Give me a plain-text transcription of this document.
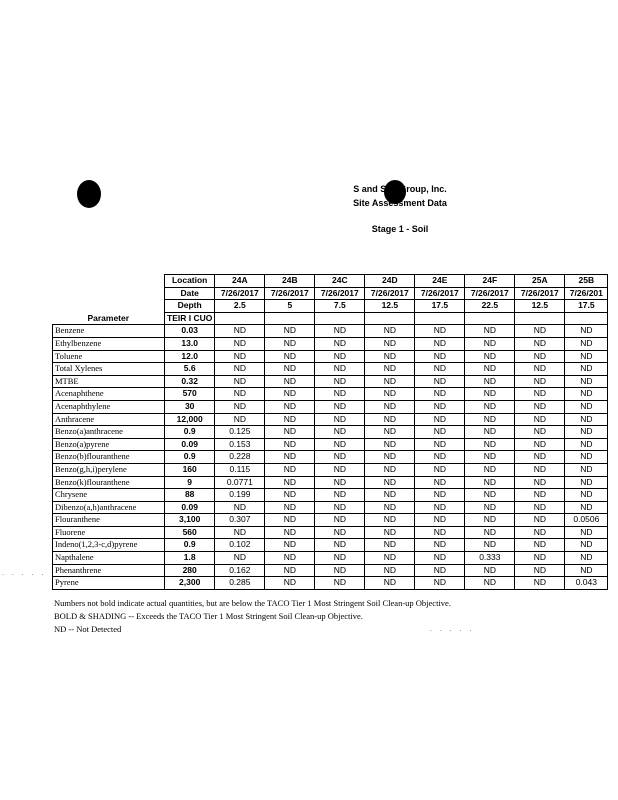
S and S In Group, Inc.
Site Assessment Data
Stage 1 - Soil
	Location	24A	24B	24C	24D	24E	24F	25A	25B
	Date	7/26/2017	7/26/2017	7/26/2017	7/26/2017	7/26/2017	7/26/2017	7/26/2017	7/26/201
	Depth	2.5	5	7.5	12.5	17.5	22.5	12.5	17.5
Parameter	TEIR I CUO								
Benzene	0.03	ND	ND	ND	ND	ND	ND	ND	ND
Ethylbenzene	13.0	ND	ND	ND	ND	ND	ND	ND	ND
Toluene	12.0	ND	ND	ND	ND	ND	ND	ND	ND
Total Xylenes	5.6	ND	ND	ND	ND	ND	ND	ND	ND
MTBE	0.32	ND	ND	ND	ND	ND	ND	ND	ND
Acenaphthene	570	ND	ND	ND	ND	ND	ND	ND	ND
Acenaphthylene	30	ND	ND	ND	ND	ND	ND	ND	ND
Anthracene	12,000	ND	ND	ND	ND	ND	ND	ND	ND
Benzo(a)anthracene	0.9	0.125	ND	ND	ND	ND	ND	ND	ND
Benzo(a)pyrene	0.09	0.153	ND	ND	ND	ND	ND	ND	ND
Benzo(b)flouranthene	0.9	0.228	ND	ND	ND	ND	ND	ND	ND
Benzo(g,h,i)perylene	160	0.115	ND	ND	ND	ND	ND	ND	ND
Benzo(k)flouranthene	9	0.0771	ND	ND	ND	ND	ND	ND	ND
Chrysene	88	0.199	ND	ND	ND	ND	ND	ND	ND
Dibenzo(a,h)anthracene	0.09	ND	ND	ND	ND	ND	ND	ND	ND
Flouranthene	3,100	0.307	ND	ND	ND	ND	ND	ND	0.0506
Fluorene	560	ND	ND	ND	ND	ND	ND	ND	ND
Indeno(1,2,3-c,d)pyrene	0.9	0.102	ND	ND	ND	ND	ND	ND	ND
Napthalene	1.8	ND	ND	ND	ND	ND	0.333	ND	ND
Phenanthrene	280	0.162	ND	ND	ND	ND	ND	ND	ND
Pyrene	2,300	0.285	ND	ND	ND	ND	ND	ND	0.043
Numbers not bold indicate actual quantities, but are below the TACO Tier 1 Most Stringent Soil Clean-up Objective.
BOLD & SHADING -- Exceeds the TACO Tier 1 Most Stringent Soil Clean-up Objective.
ND -- Not Detected
. . . . . .
. . . . .
